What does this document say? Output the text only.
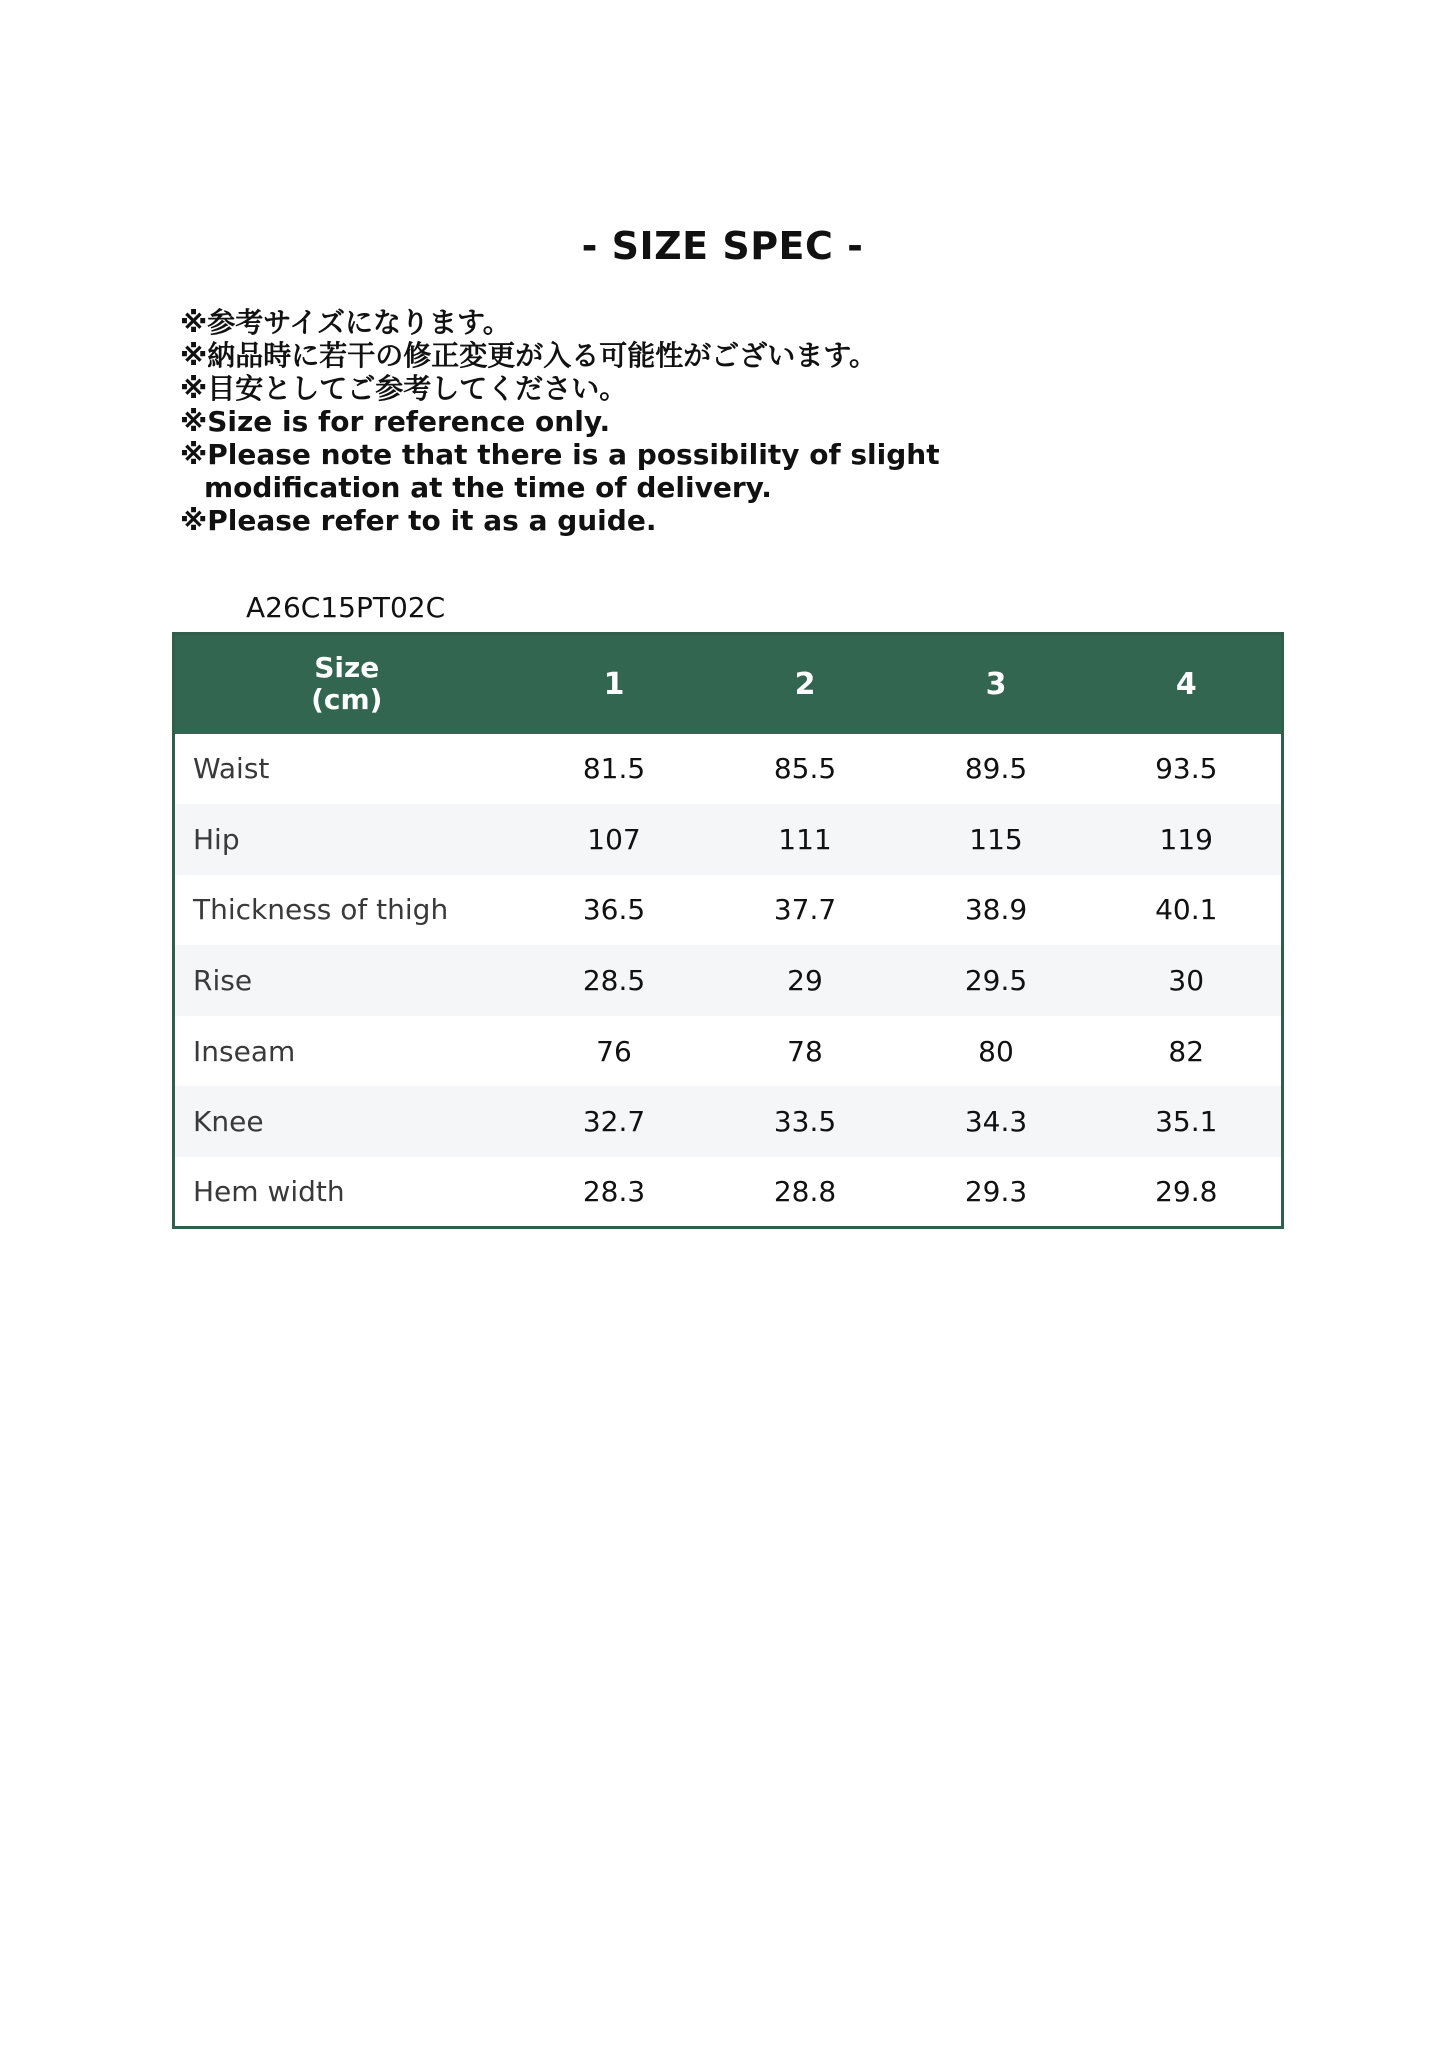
- SIZE SPEC -
※参考サイズになります。
※納品時に若干の修正変更が入る可能性がございます。
※目安としてご参考してください。
※Size is for reference only.
※Please note that there is a possibility of slight
modification at the time of delivery.
※Please refer to it as a guide.
A26C15PT02C
Size
(cm)	1	2	3	4
Waist	81.5	85.5	89.5	93.5
Hip	107	111	115	119
Thickness of thigh	36.5	37.7	38.9	40.1
Rise	28.5	29	29.5	30
Inseam	76	78	80	82
Knee	32.7	33.5	34.3	35.1
Hem width	28.3	28.8	29.3	29.8
